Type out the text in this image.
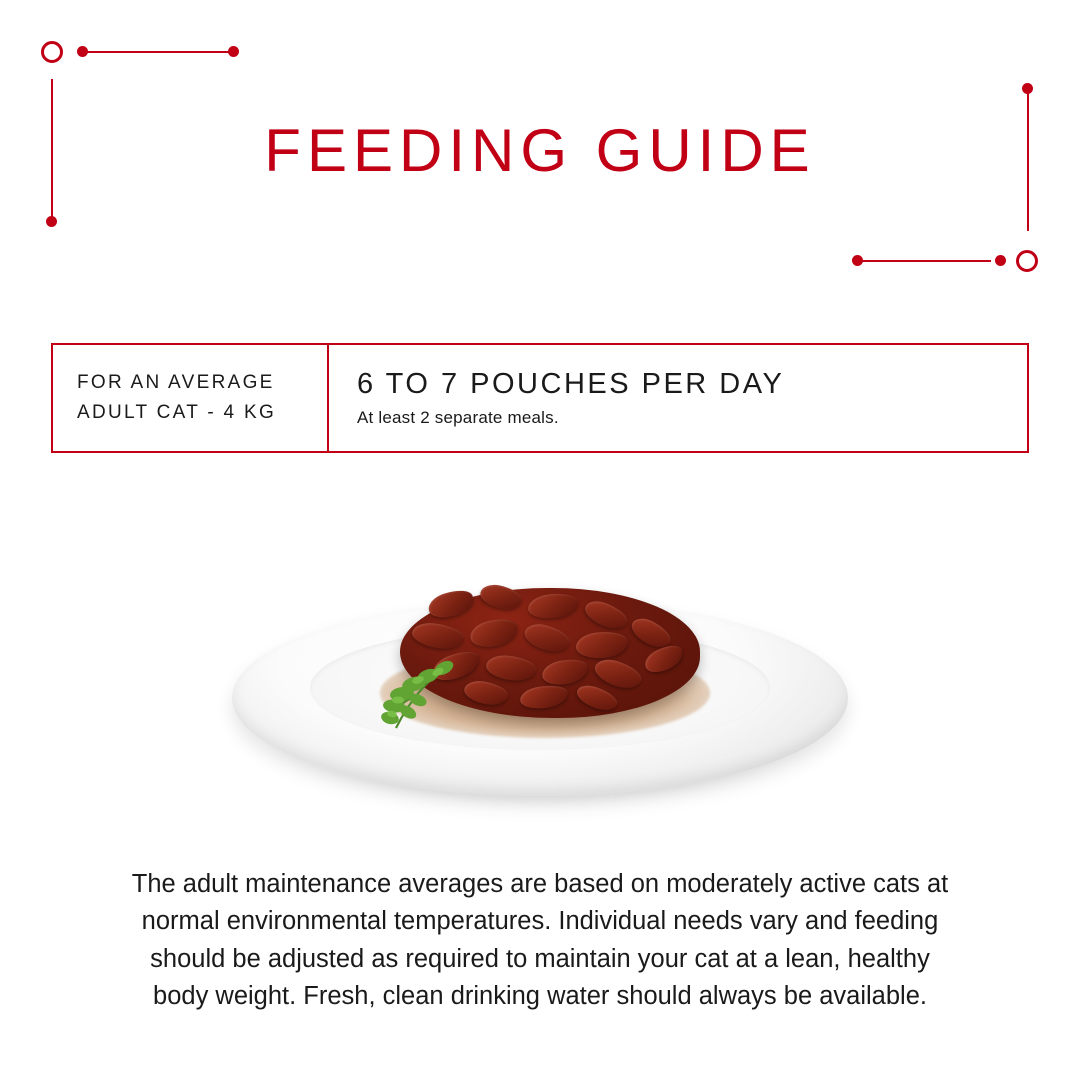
FEEDING GUIDE
FOR AN AVERAGE
ADULT CAT - 4 KG
6 TO 7 POUCHES PER DAY
At least 2 separate meals.

The adult maintenance averages are based on moderately active cats at normal environmental temperatures. Individual needs vary and feeding should be adjusted as required to maintain your cat at a lean, healthy body weight. Fresh, clean drinking water should always be available.
